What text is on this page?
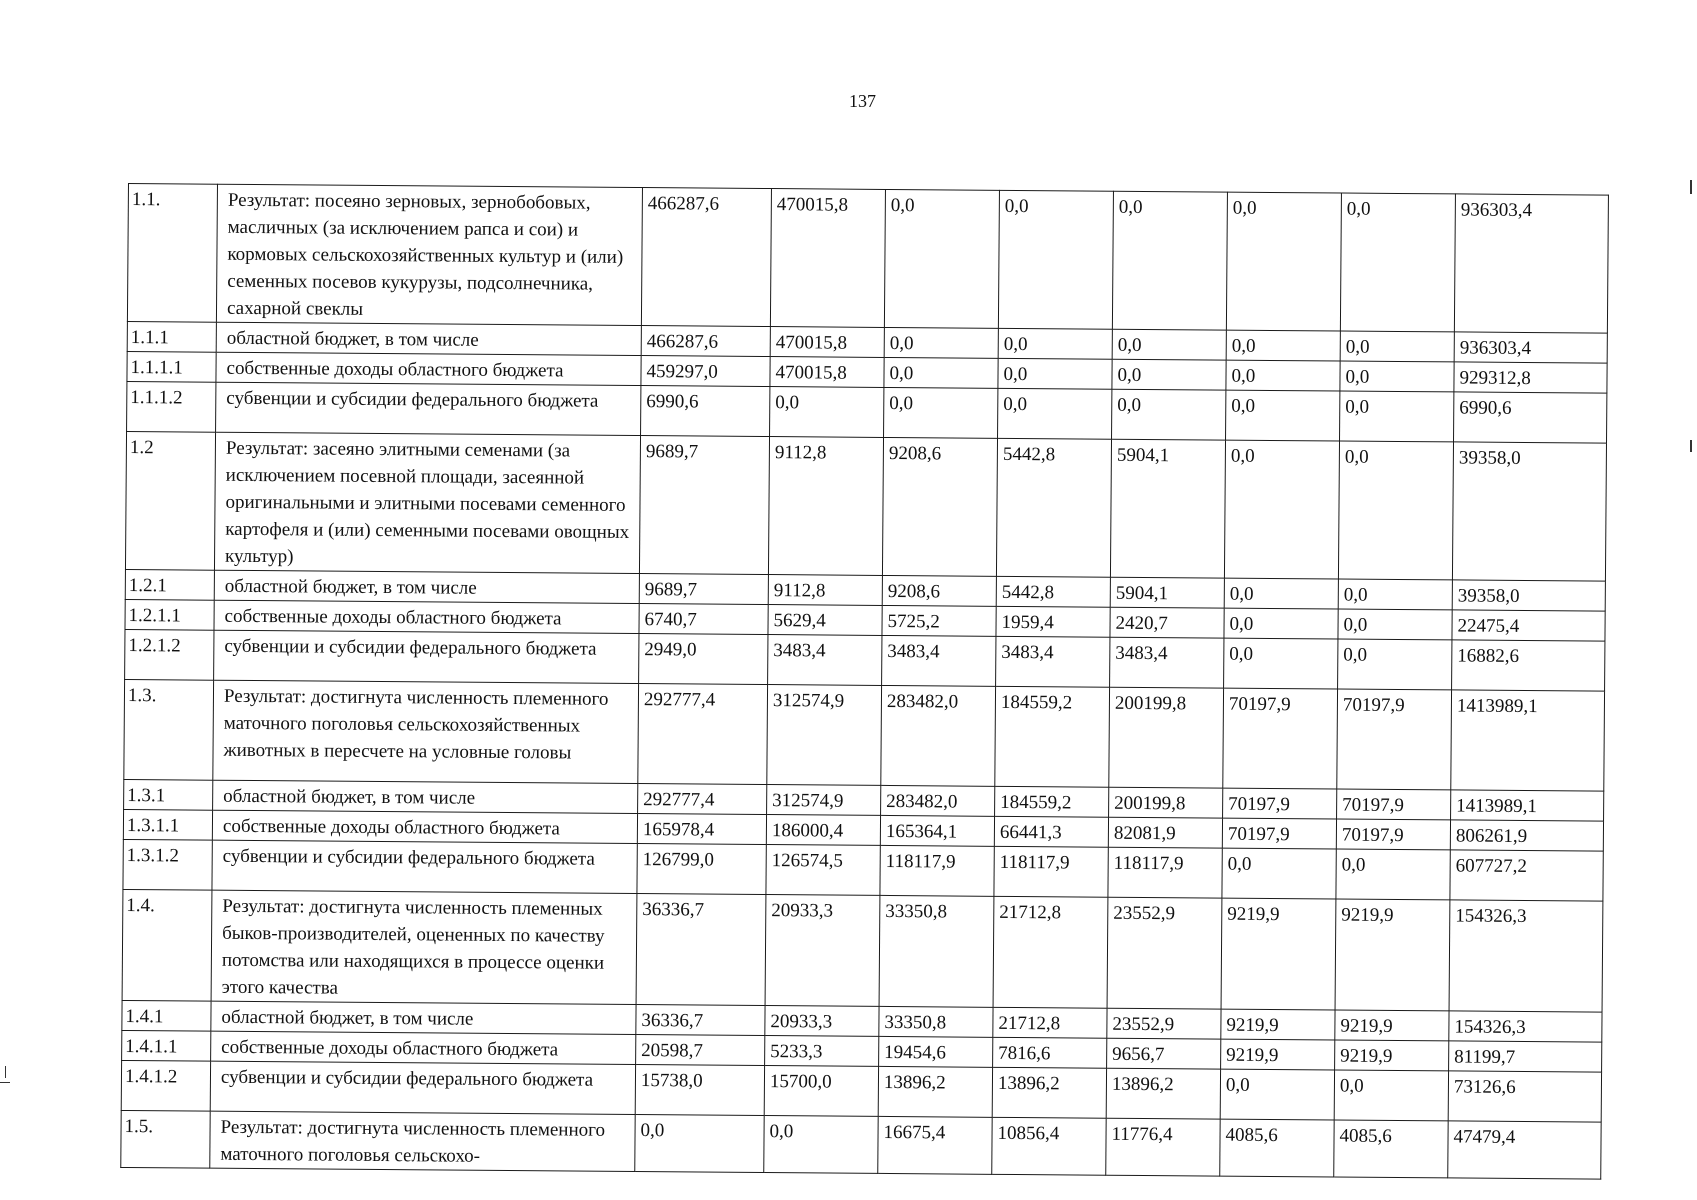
137
1.1.	Результат: посеяно зерновых, зернобобовых, масличных (за исключением рапса и сои) и кормовых сельскохозяйственных культур и (или) семенных посевов кукурузы, подсолнечника, сахарной свеклы	466287,6	470015,8	0,0	0,0	0,0	0,0	0,0	936303,4
1.1.1	областной бюджет, в том числе	466287,6	470015,8	0,0	0,0	0,0	0,0	0,0	936303,4
1.1.1.1	собственные доходы областного бюджета	459297,0	470015,8	0,0	0,0	0,0	0,0	0,0	929312,8
1.1.1.2	субвенции и субсидии федерального бюджета	6990,6	0,0	0,0	0,0	0,0	0,0	0,0	6990,6
1.2	Результат: засеяно элитными семенами (за исключением посевной площади, засеянной оригинальными и элитными посевами семенного картофеля и (или) семенными посевами овощных культур)	9689,7	9112,8	9208,6	5442,8	5904,1	0,0	0,0	39358,0
1.2.1	областной бюджет, в том числе	9689,7	9112,8	9208,6	5442,8	5904,1	0,0	0,0	39358,0
1.2.1.1	собственные доходы областного бюджета	6740,7	5629,4	5725,2	1959,4	2420,7	0,0	0,0	22475,4
1.2.1.2	субвенции и субсидии федерального бюджета	2949,0	3483,4	3483,4	3483,4	3483,4	0,0	0,0	16882,6
1.3.	Результат: достигнута численность племенного маточного поголовья сельскохозяйственных животных в пересчете на условные головы	292777,4	312574,9	283482,0	184559,2	200199,8	70197,9	70197,9	1413989,1
1.3.1	областной бюджет, в том числе	292777,4	312574,9	283482,0	184559,2	200199,8	70197,9	70197,9	1413989,1
1.3.1.1	собственные доходы областного бюджета	165978,4	186000,4	165364,1	66441,3	82081,9	70197,9	70197,9	806261,9
1.3.1.2	субвенции и субсидии федерального бюджета	126799,0	126574,5	118117,9	118117,9	118117,9	0,0	0,0	607727,2
1.4.	Результат: достигнута численность племенных быков-производителей, оцененных по качеству потомства или находящихся в процессе оценки этого качества	36336,7	20933,3	33350,8	21712,8	23552,9	9219,9	9219,9	154326,3
1.4.1	областной бюджет, в том числе	36336,7	20933,3	33350,8	21712,8	23552,9	9219,9	9219,9	154326,3
1.4.1.1	собственные доходы областного бюджета	20598,7	5233,3	19454,6	7816,6	9656,7	9219,9	9219,9	81199,7
1.4.1.2	субвенции и субсидии федерального бюджета	15738,0	15700,0	13896,2	13896,2	13896,2	0,0	0,0	73126,6
1.5.	Результат: достигнута численность племенного маточного поголовья сельскохо-	0,0	0,0	16675,4	10856,4	11776,4	4085,6	4085,6	47479,4
